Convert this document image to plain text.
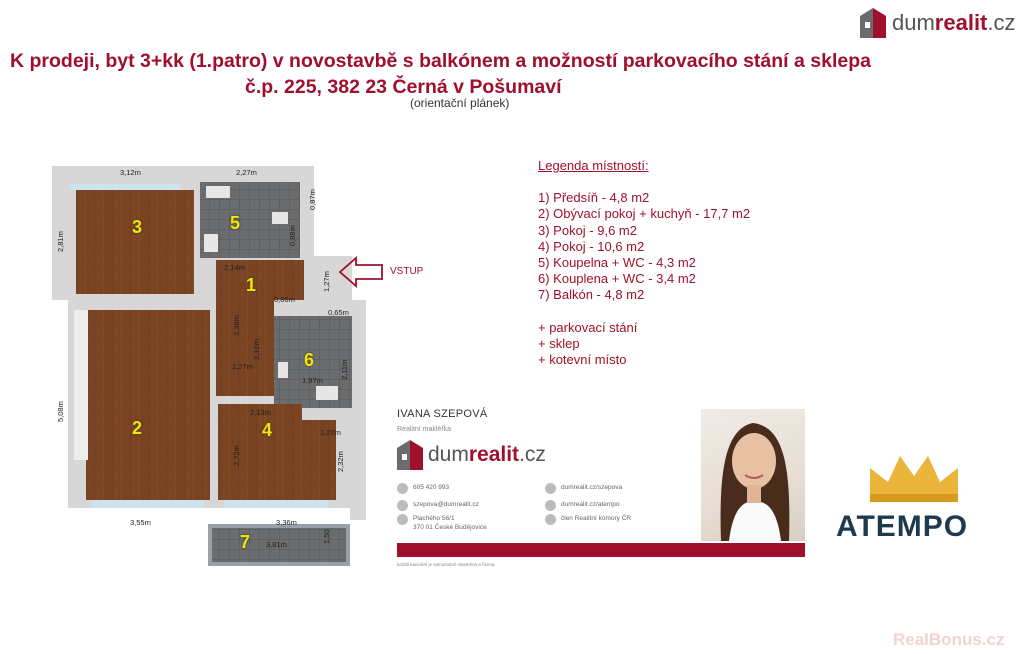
dumrealit.cz
K prodeji, byt 3+kk (1.patro) v novostavbě s balkónem a možností parkovacího stání a sklepa
č.p. 225, 382 23 Černá v Pošumaví
(orientační plánek)
3	5
1
6
2	4
7
3,12m	2,27m
0,87m
2,81m	0,88m
2,14m
1,27m
0,86m
3,38m
0,65m
2,12m
1,27m
1,97m
2,11m
5,08m	2,13m
1,22m
2,72m	2,32m
3,55m	3,36m
3,81m
1,50
VSTUP
Legenda místností:
1) Předsíň - 4,8 m2
2) Obývací pokoj + kuchyň - 17,7 m2
3) Pokoj - 9,6 m2
4) Pokoj - 10,6 m2
5) Koupelna + WC - 4,3 m2
6) Kouplena + WC - 3,4 m2
7) Balkón - 4,8 m2
+ parkovací stání
+ sklep
+ kotevní místo
IVANA SZEPOVÁ
Realitní makléřka
dumrealit.cz
605 420 993
szepova@dumrealit.cz
Plachého 56/1
370 01 České Budějovice
dumrealit.cz/szepova
dumrealit.cz/atempo
člen Realitní komory ČR
každá kancelář je samostatně vlastněna a řízena
ATEMPO
RealBonus.cz
